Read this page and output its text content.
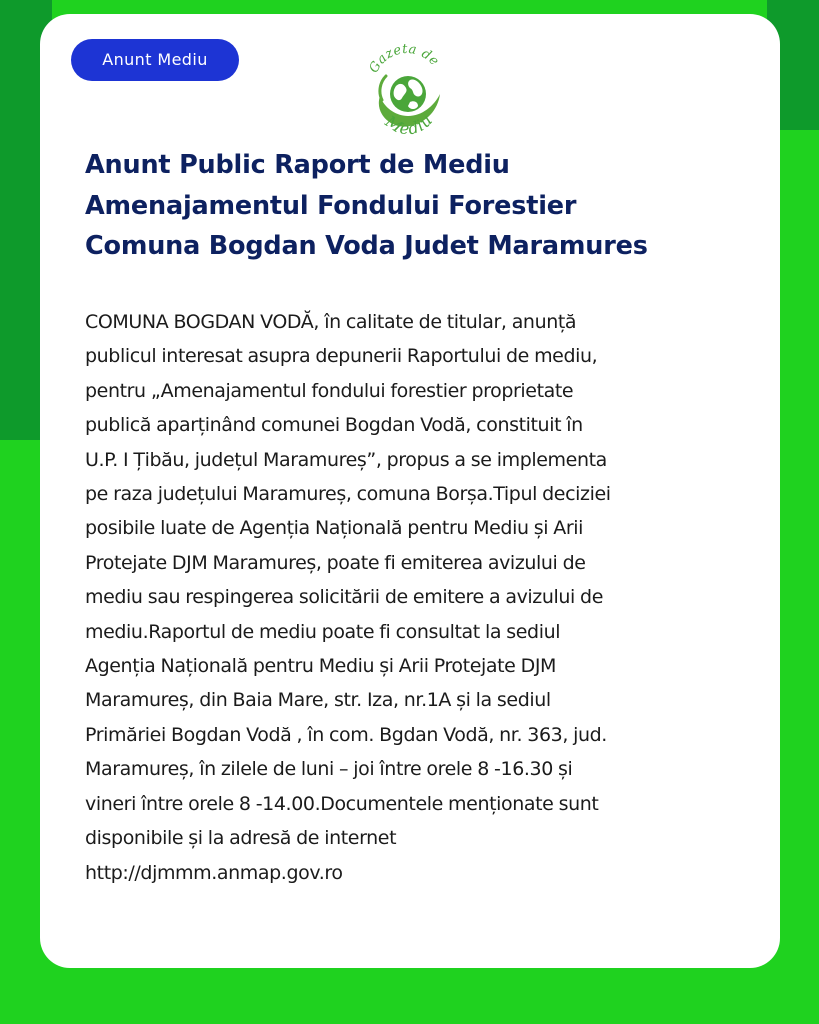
Anunt Mediu	Gazeta de
Mediu
Anunt Public Raport de Mediu
Amenajamentul Fondului Forestier
Comuna Bogdan Voda Judet Maramures

COMUNA BOGDAN VODĂ, în calitate de titular, anunță
publicul interesat asupra depunerii Raportului de mediu,
pentru „Amenajamentul fondului forestier proprietate
publică aparținând comunei Bogdan Vodă, constituit în
U.P. I Țibău, județul Maramureș”, propus a se implementa
pe raza județului Maramureș, comuna Borșa.Tipul deciziei
posibile luate de Agenția Națională pentru Mediu și Arii
Protejate DJM Maramureș, poate fi emiterea avizului de
mediu sau respingerea solicitării de emitere a avizului de
mediu.Raportul de mediu poate fi consultat la sediul
Agenția Națională pentru Mediu și Arii Protejate DJM
Maramureș, din Baia Mare, str. Iza, nr.1A și la sediul
Primăriei Bogdan Vodă , în com. Bgdan Vodă, nr. 363, jud.
Maramureș, în zilele de luni – joi între orele 8 -16.30 și
vineri între orele 8 -14.00.Documentele menționate sunt
disponibile și la adresă de internet
http://djmmm.anmap.gov.ro
